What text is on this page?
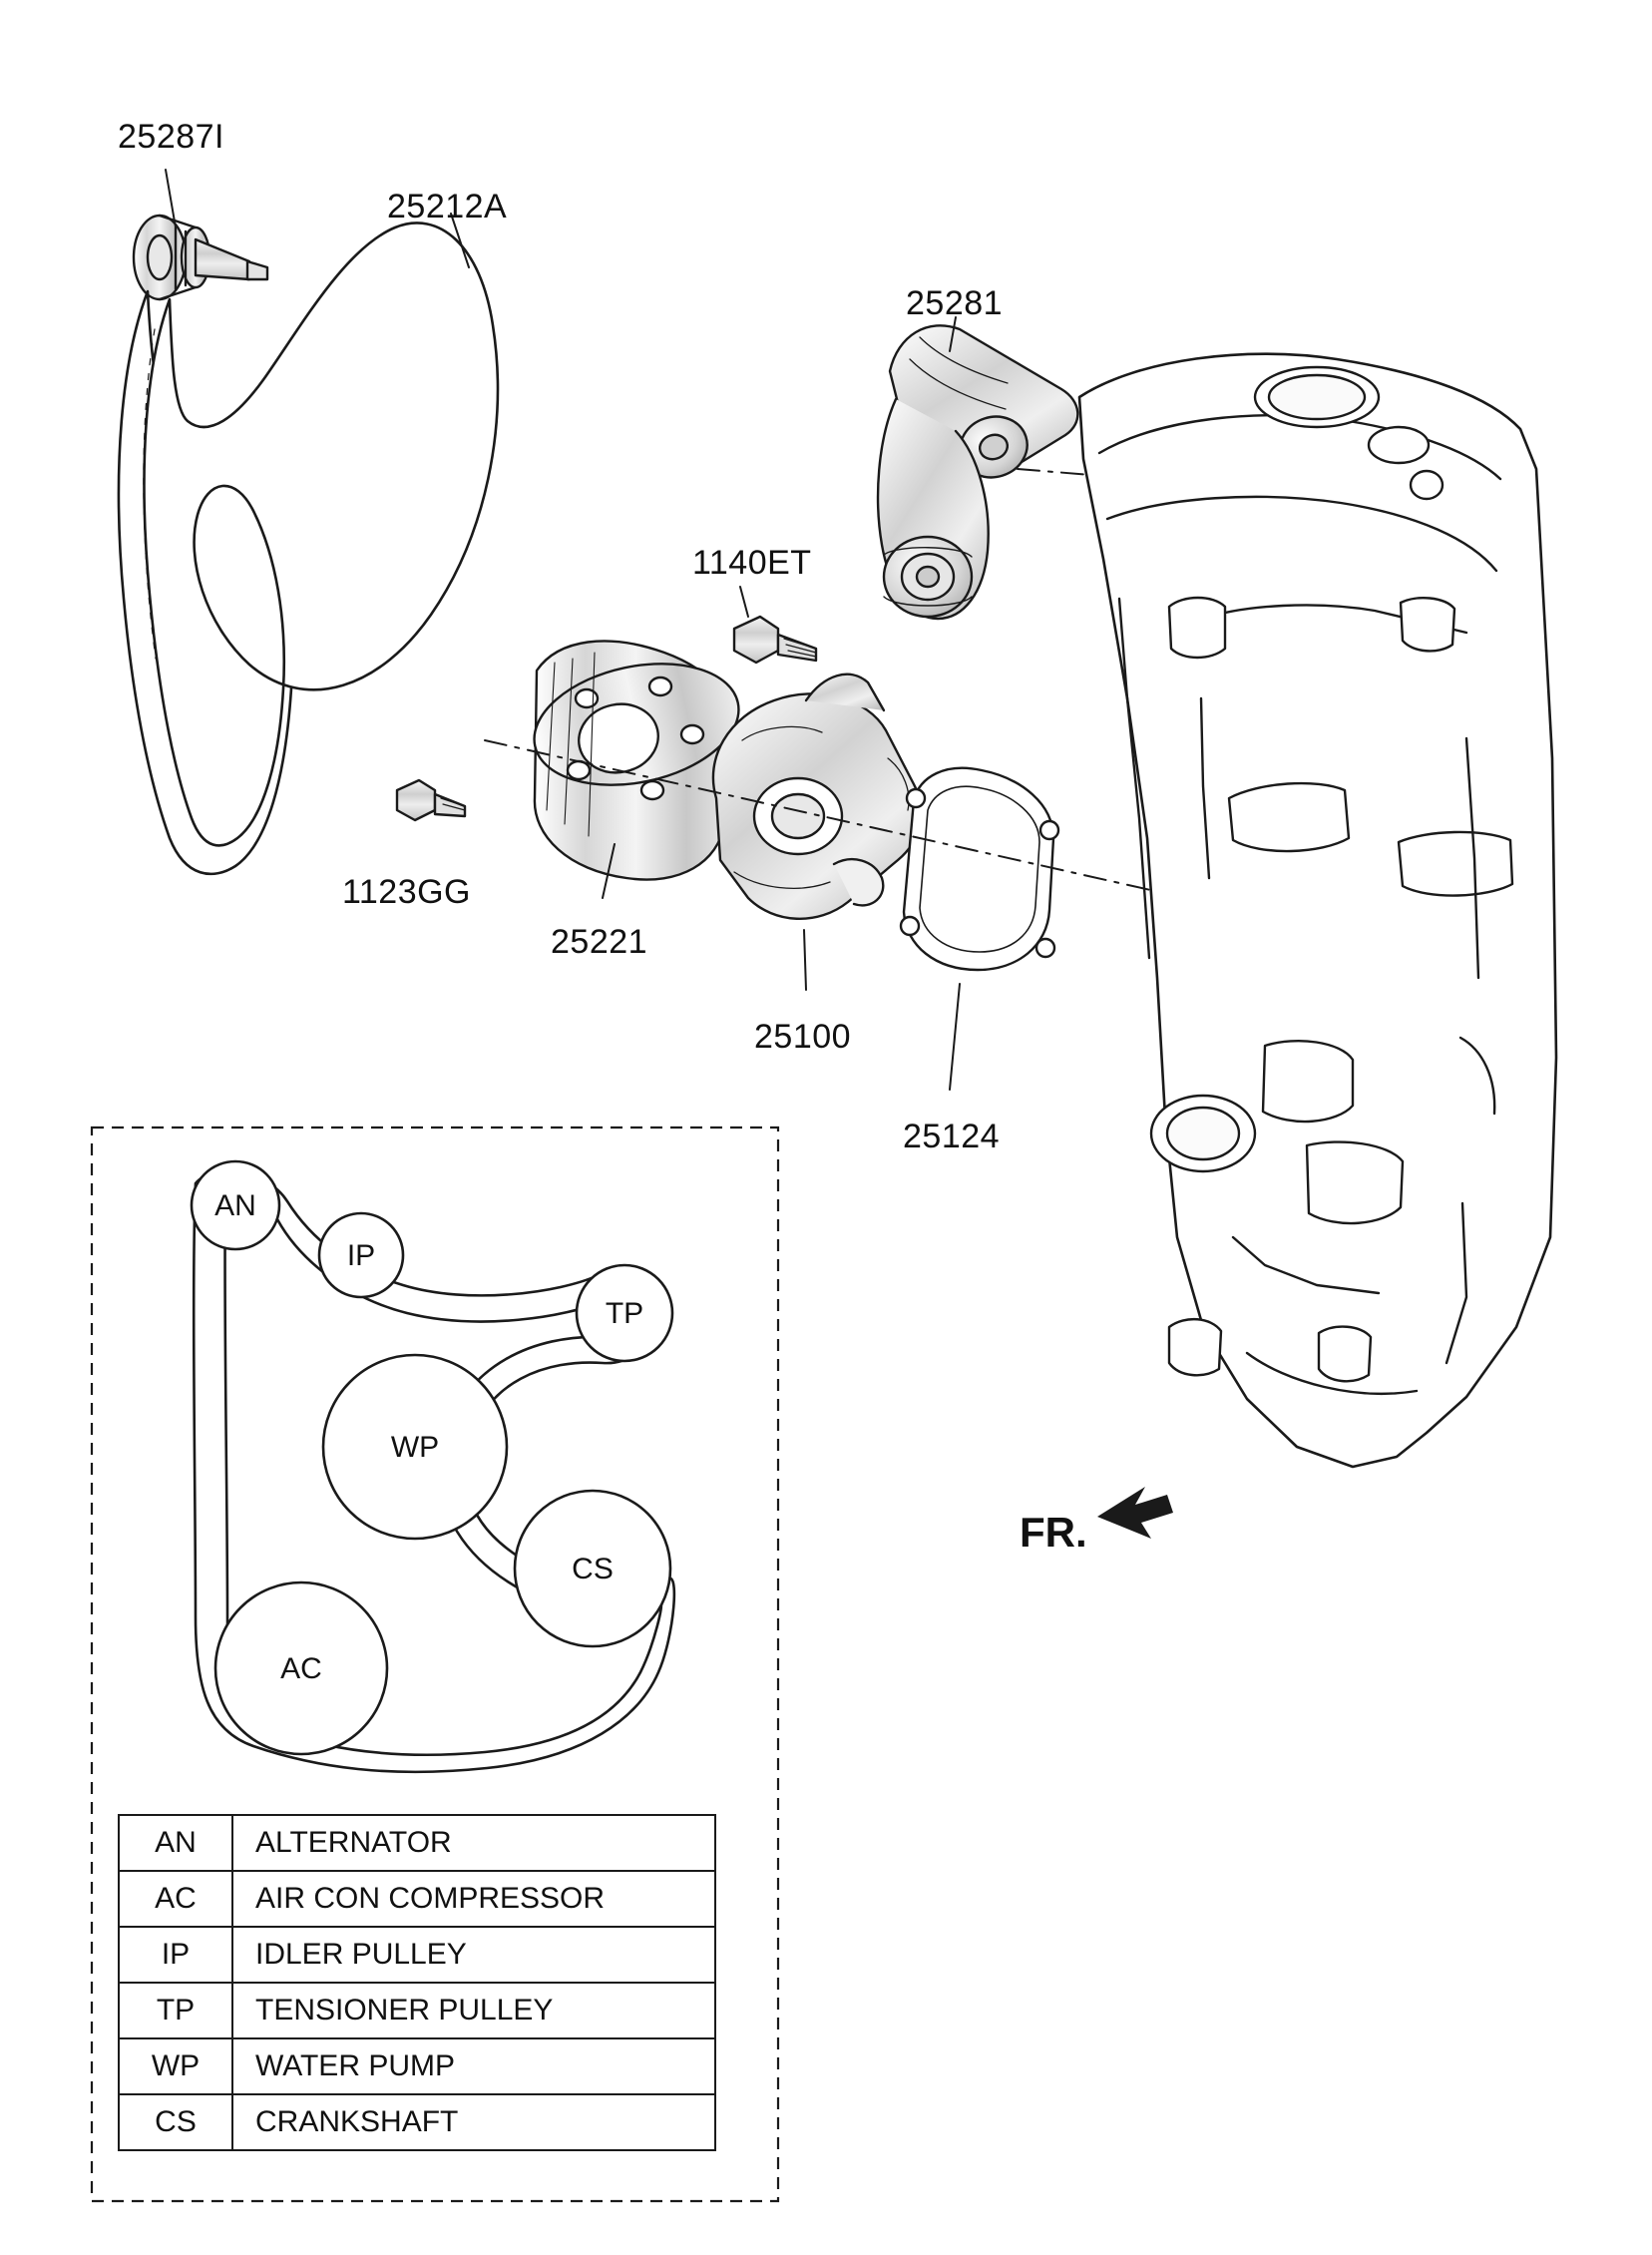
25287I
25212A
25281
1140ET
1123GG
25221
25100
25124
FR.
AN
IP
TP
WP
CS
AC
AN	ALTERNATOR
AC	AIR CON COMPRESSOR
IP	IDLER PULLEY
TP	TENSIONER PULLEY
WP	WATER PUMP
CS	CRANKSHAFT
